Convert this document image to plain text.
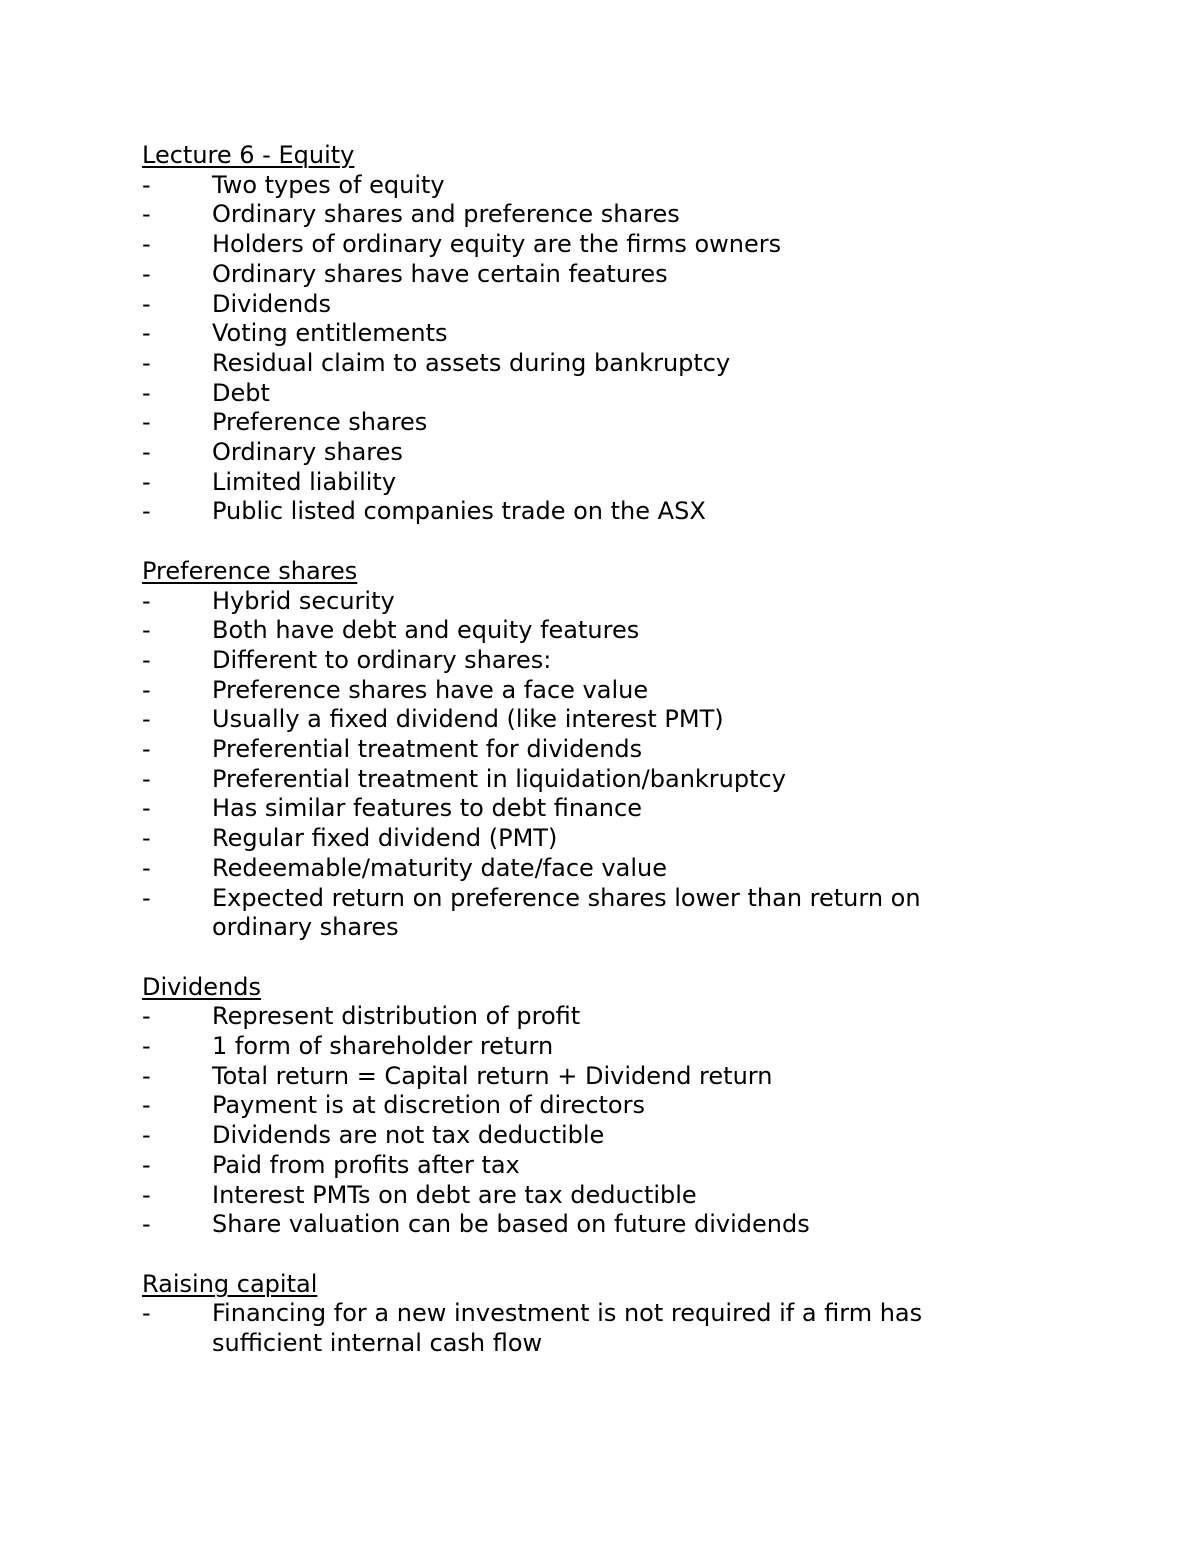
Lecture 6 - Equity
-	Two types of equity
-	Ordinary shares and preference shares
-	Holders of ordinary equity are the firms owners
-	Ordinary shares have certain features
-	Dividends
-	Voting entitlements
-	Residual claim to assets during bankruptcy
-	Debt
-	Preference shares
-	Ordinary shares
-	Limited liability
-	Public listed companies trade on the ASX
Preference shares
-	Hybrid security
-	Both have debt and equity features
-	Different to ordinary shares:
-	Preference shares have a face value
-	Usually a fixed dividend (like interest PMT)
-	Preferential treatment for dividends
-	Preferential treatment in liquidation/bankruptcy
-	Has similar features to debt finance
-	Regular fixed dividend (PMT)
-	Redeemable/maturity date/face value
-	Expected return on preference shares lower than return on ordinary shares
Dividends
-	Represent distribution of profit
-	1 form of shareholder return
-	Total return = Capital return + Dividend return
-	Payment is at discretion of directors
-	Dividends are not tax deductible
-	Paid from profits after tax
-	Interest PMTs on debt are tax deductible
-	Share valuation can be based on future dividends
Raising capital
-	Financing for a new investment is not required if a firm has sufficient internal cash flow
